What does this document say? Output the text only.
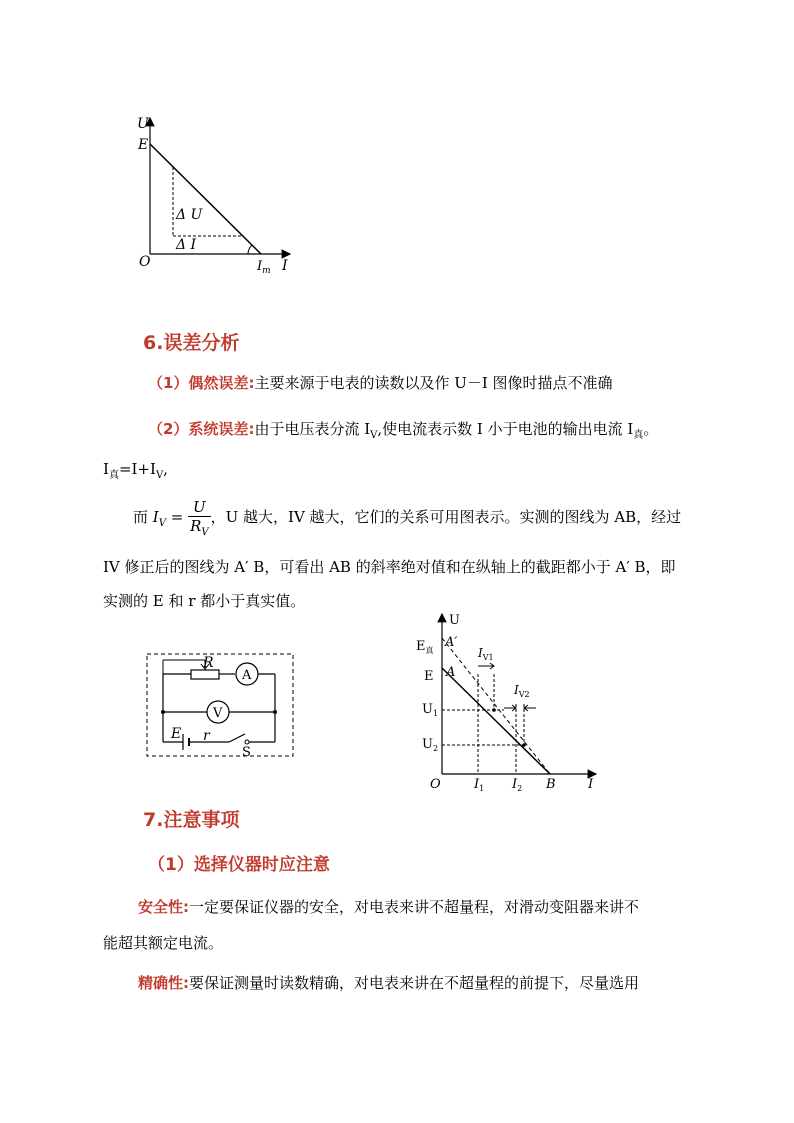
U
E
O
Δ U
Δ I
$I_m$ I
6.误差分析
（1）偶然误差:主要来源于电表的读数以及作 U－I 图像时描点不准确
（2）系统误差:由于电压表分流 $I_V$,使电流表示数 I 小于电池的输出电流 $I_真$。
$I_真=I+I_V$,
而 $I_V = \frac{U}{R_V}$ ，U 越大，IV 越大，它们的关系可用图表示。实测的图线为 AB，经过
IV 修正后的图线为 A′ B，可看出 AB 的斜率绝对值和在纵轴上的截距都小于 A′ B，即
实测的 E 和 r 都小于真实值。
R
A
V
E r
S
U
$E_真$
A′
A
E
$U_1$
$U_2$
O	$I_1$ $I_2$ B I
$I_{V1}$
$I_{V2}$
7.注意事项
（1）选择仪器时应注意
安全性:一定要保证仪器的安全，对电表来讲不超量程，对滑动变阻器来讲不
能超其额定电流。
精确性:要保证测量时读数精确，对电表来讲在不超量程的前提下，尽量选用
